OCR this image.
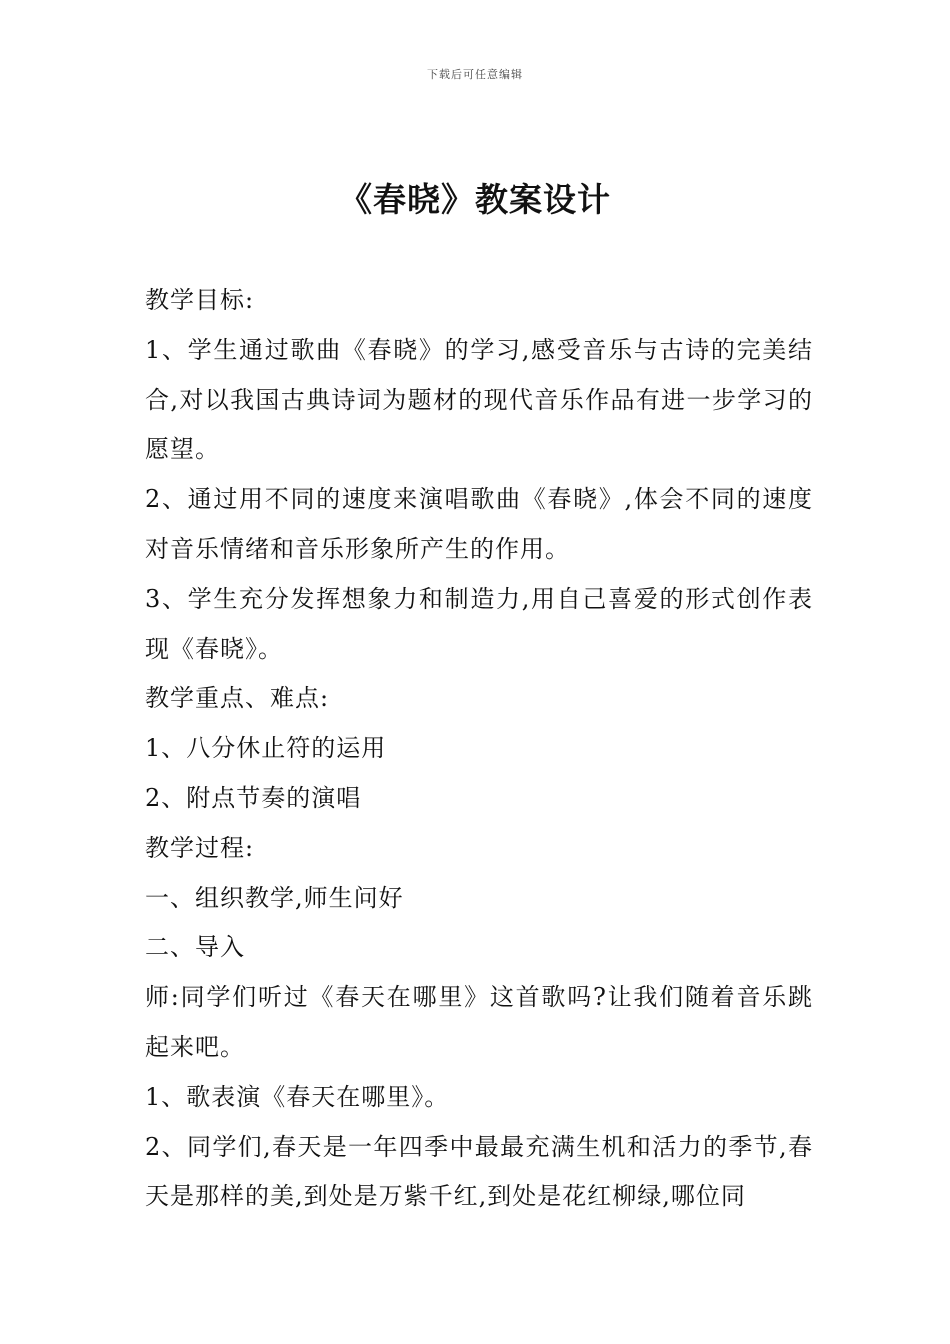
下载后可任意编辑
《春晓》教案设计

教学目标:

1、学生通过歌曲《春晓》的学习,感受音乐与古诗的完美结合,对以我国古典诗词为题材的现代音乐作品有进一步学习的愿望。

2、通过用不同的速度来演唱歌曲《春晓》,体会不同的速度对音乐情绪和音乐形象所产生的作用。

3、学生充分发挥想象力和制造力,用自己喜爱的形式创作表现《春晓》。

教学重点、难点:

1、八分休止符的运用

2、附点节奏的演唱

教学过程:

一、组织教学,师生问好

二、导入

师:同学们听过《春天在哪里》这首歌吗?让我们随着音乐跳起来吧。

1、歌表演《春天在哪里》。

2、同学们,春天是一年四季中最最充满生机和活力的季节,春天是那样的美,到处是万紫千红,到处是花红柳绿,哪位同
